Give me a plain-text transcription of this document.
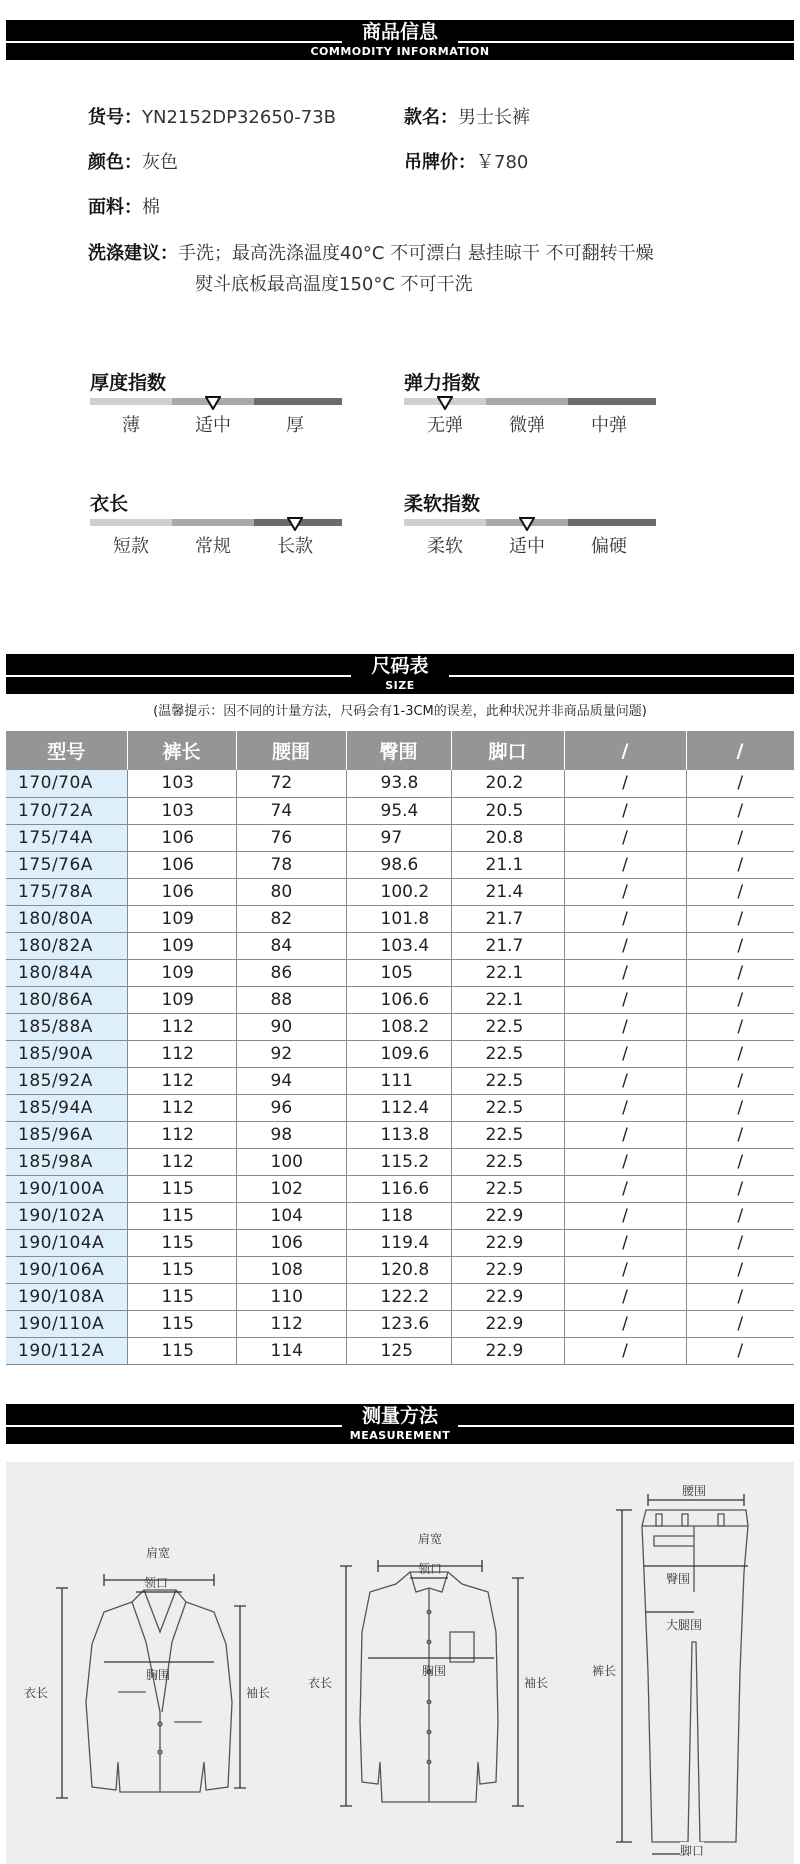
商品信息
COMMODITY INFORMATION
货号：YN2152DP32650-73B	款名：男士长裤
颜色：灰色	吊牌价：￥780
面料：棉
洗涤建议：手洗；最高洗涤温度40°C 不可漂白 悬挂晾干 不可翻转干燥
熨斗底板最高温度150°C 不可干洗
厚度指数
薄	适中	厚
弹力指数
无弹	微弹	中弹
衣长
短款	常规	长款
柔软指数
柔软	适中	偏硬
尺码表
SIZE
(温馨提示：因不同的计量方法，尺码会有1-3CM的误差，此种状况并非商品质量问题)
型号	裤长	腰围	臀围	脚口	/	/
170/70A	103	72	93.8	20.2	/	/
170/72A	103	74	95.4	20.5	/	/
175/74A	106	76	97	20.8	/	/
175/76A	106	78	98.6	21.1	/	/
175/78A	106	80	100.2	21.4	/	/
180/80A	109	82	101.8	21.7	/	/
180/82A	109	84	103.4	21.7	/	/
180/84A	109	86	105	22.1	/	/
180/86A	109	88	106.6	22.1	/	/
185/88A	112	90	108.2	22.5	/	/
185/90A	112	92	109.6	22.5	/	/
185/92A	112	94	111	22.5	/	/
185/94A	112	96	112.4	22.5	/	/
185/96A	112	98	113.8	22.5	/	/
185/98A	112	100	115.2	22.5	/	/
190/100A	115	102	116.6	22.5	/	/
190/102A	115	104	118	22.9	/	/
190/104A	115	106	119.4	22.9	/	/
190/106A	115	108	120.8	22.9	/	/
190/108A	115	110	122.2	22.9	/	/
190/110A	115	112	123.6	22.9	/	/
190/112A	115	114	125	22.9	/	/
测量方法
MEASUREMENT
肩宽
领口
胸围
衣长	袖长
肩宽
领口
胸围
衣长	袖长
腰围
臀围
大腿围
裤长
脚口
